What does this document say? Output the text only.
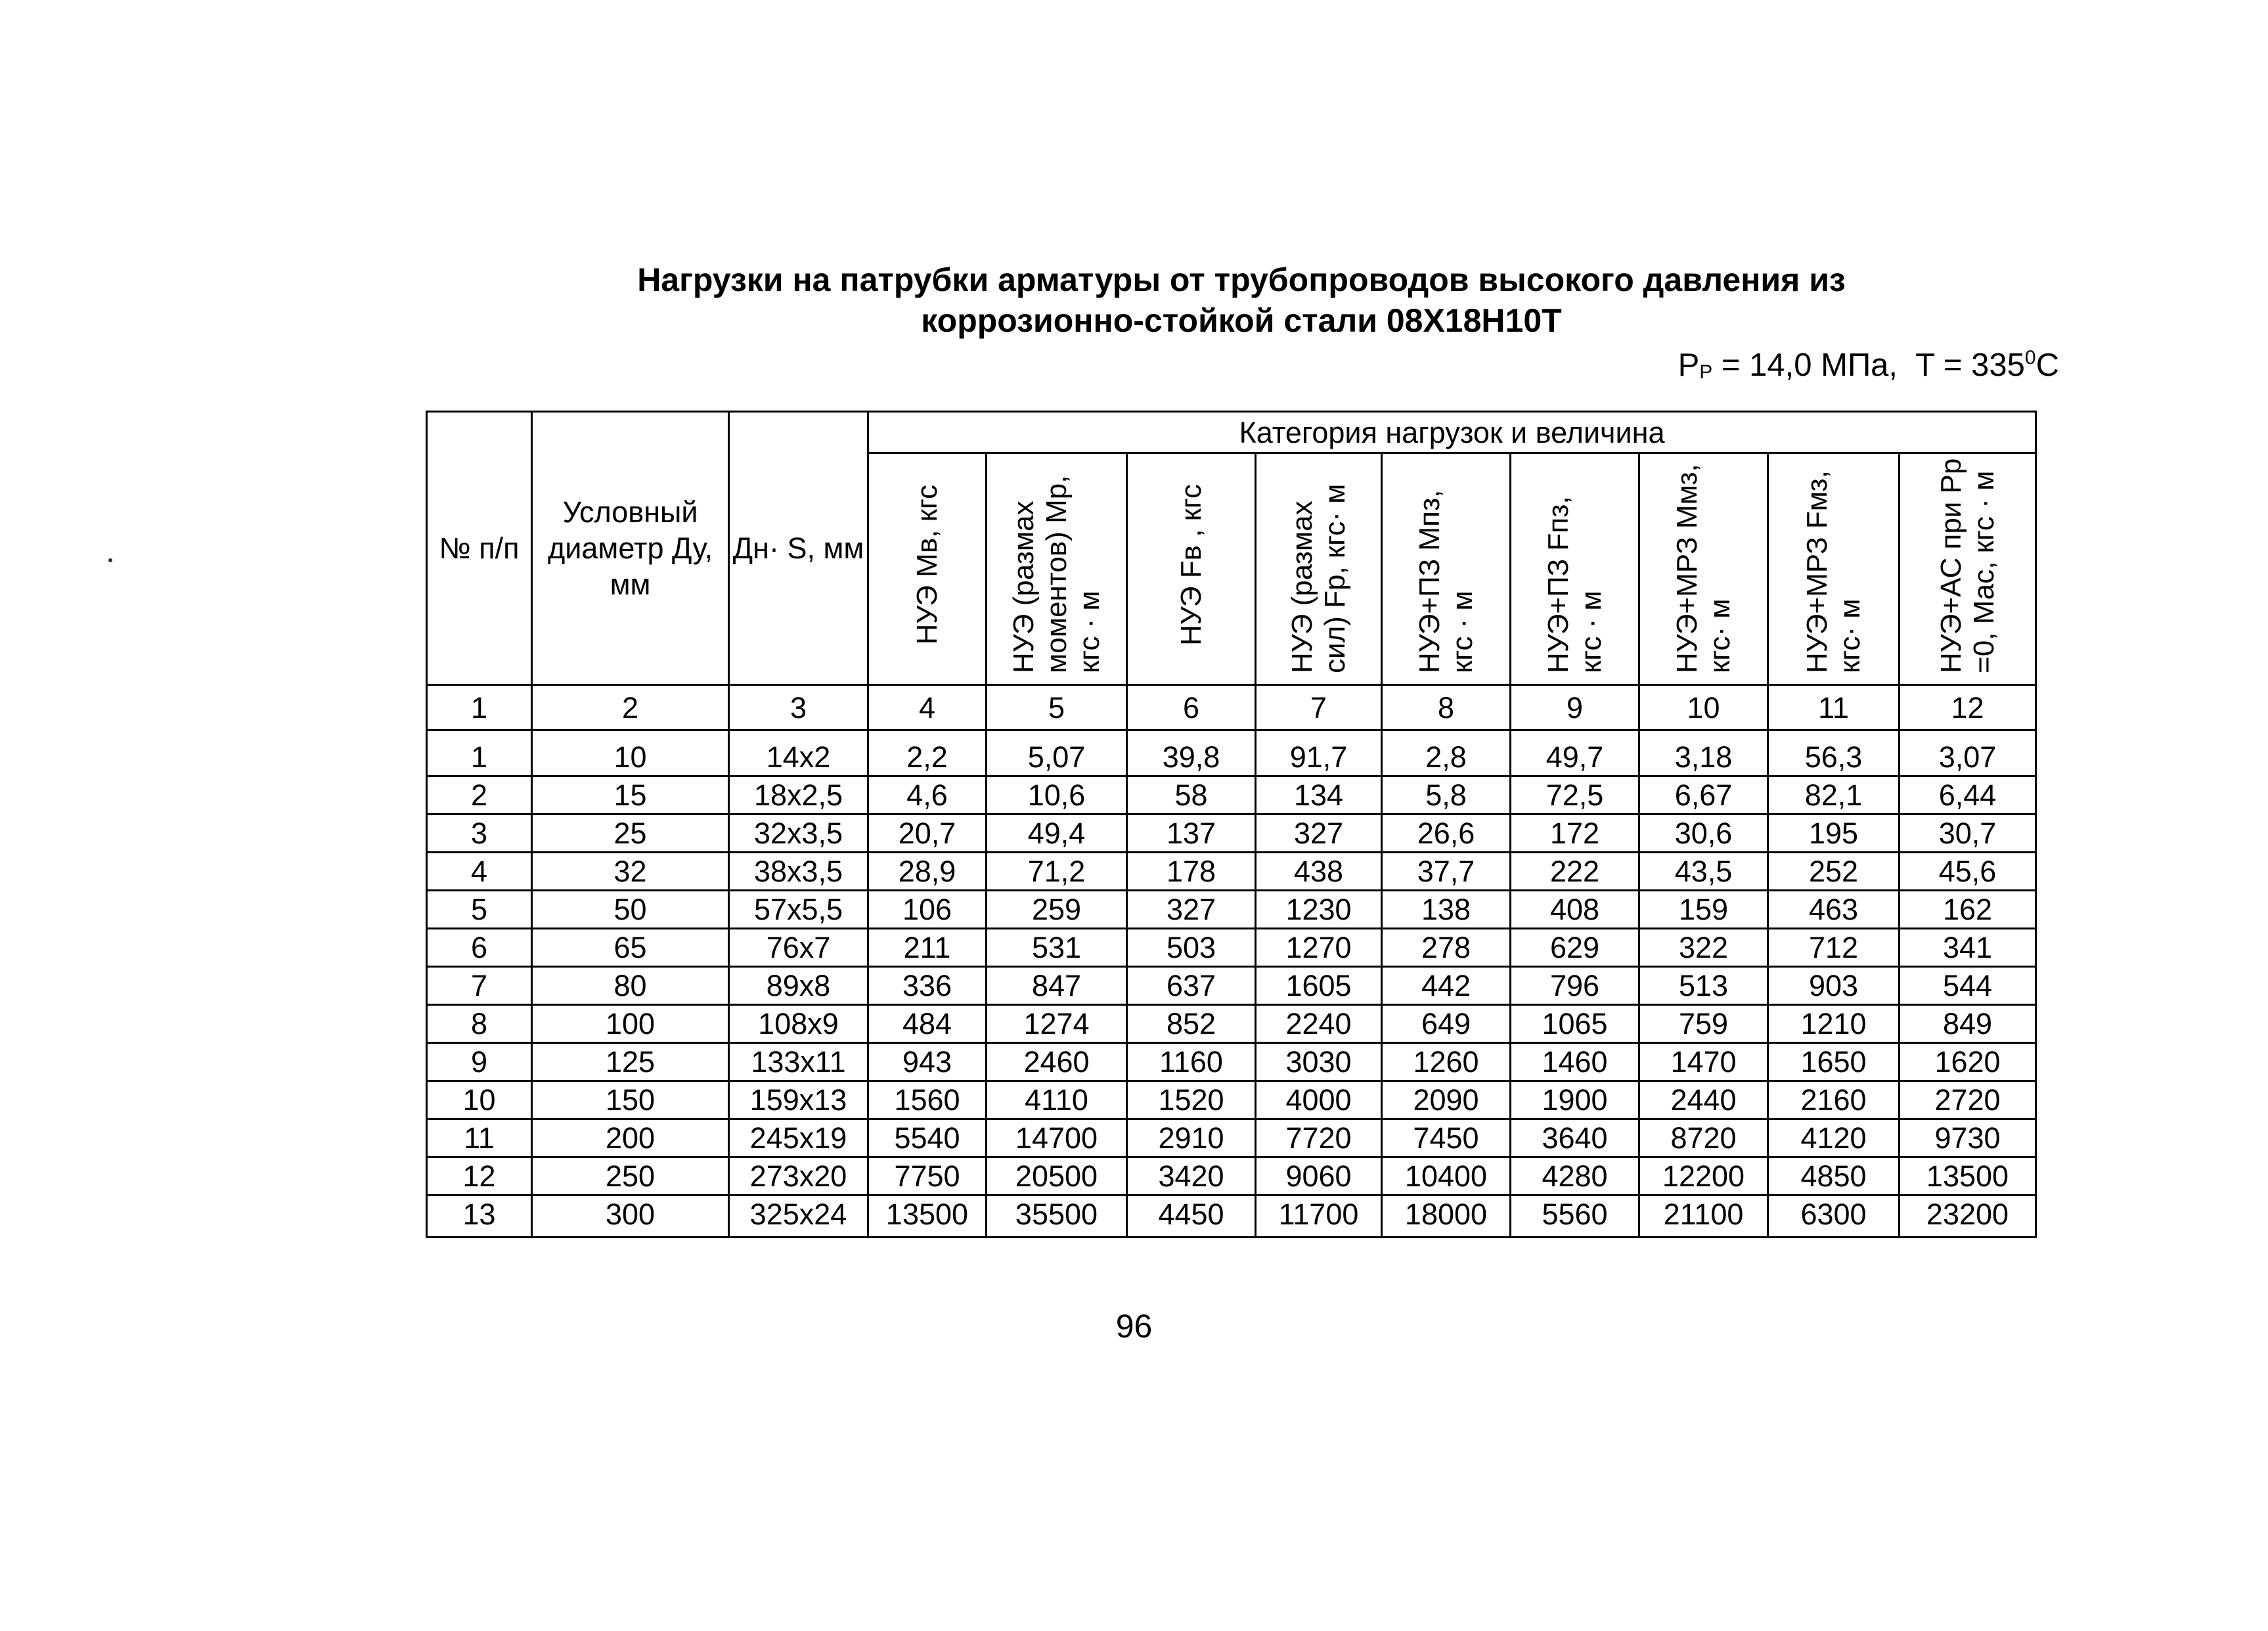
Нагрузки на патрубки арматуры от трубопроводов высокого давления из
коррозионно-стойкой стали 08Х18Н10Т
$P_Р = 14,0$ МПа, $T = 335^0С$
№ п/п	Условный диаметр Ду, мм	Дн· S, мм	Категория нагрузок и величина								
			НУЭ Мв, кгс	НУЭ (размах моментов) Мр, кгс · м	НУЭ Fв , кгс	НУЭ (размах сил) Fр, кгс· м	НУЭ+ПЗ Мпз, кгс · м	НУЭ+ПЗ Fпз, кгс · м	НУЭ+МРЗ Ммз, кгс· м	НУЭ+МРЗ Fмз, кгс· м	НУЭ+АС при Рр =0, Мас, кгс · м
1	2	3	4	5	6	7	8	9	10	11	12
1	10	14x2	2,2	5,07	39,8	91,7	2,8	49,7	3,18	56,3	3,07
2	15	18x2,5	4,6	10,6	58	134	5,8	72,5	6,67	82,1	6,44
3	25	32x3,5	20,7	49,4	137	327	26,6	172	30,6	195	30,7
4	32	38x3,5	28,9	71,2	178	438	37,7	222	43,5	252	45,6
5	50	57x5,5	106	259	327	1230	138	408	159	463	162
6	65	76x7	211	531	503	1270	278	629	322	712	341
7	80	89x8	336	847	637	1605	442	796	513	903	544
8	100	108x9	484	1274	852	2240	649	1065	759	1210	849
9	125	133x11	943	2460	1160	3030	1260	1460	1470	1650	1620
10	150	159x13	1560	4110	1520	4000	2090	1900	2440	2160	2720
11	200	245x19	5540	14700	2910	7720	7450	3640	8720	4120	9730
12	250	273x20	7750	20500	3420	9060	10400	4280	12200	4850	13500
13	300	325x24	13500	35500	4450	11700	18000	5560	21100	6300	23200
96
